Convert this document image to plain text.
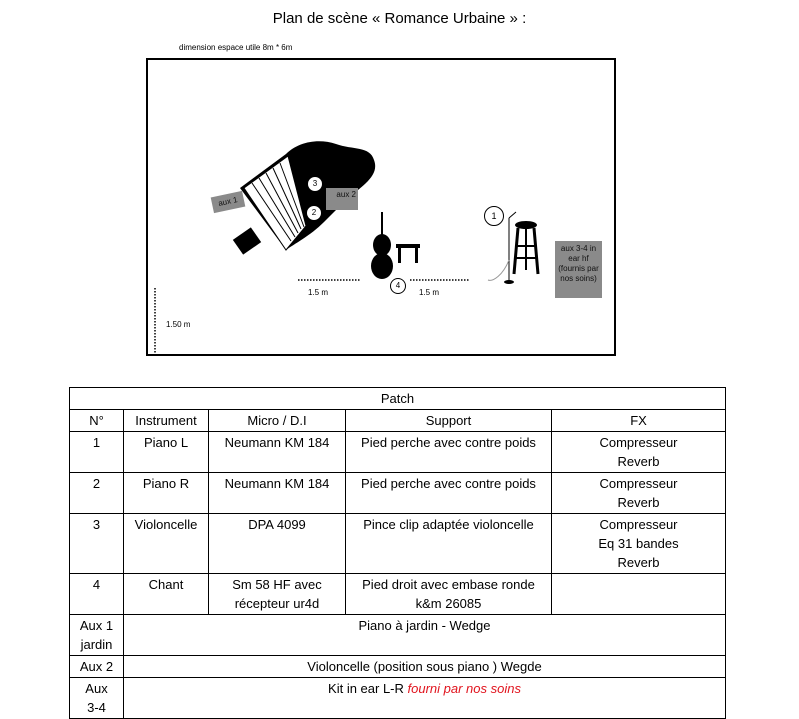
Plan de scène « Romance Urbaine » :
dimension espace utile 8m * 6m
aux 1
aux 2
aux 3-4 in ear hf (fournis par nos soins)
3
2	1
4
1.5 m	1.5 m
1.50 m
Patch				
N°	Instrument	Micro / D.I	Support	FX
1	Piano L	Neumann KM 184	Pied perche avec contre poids	Compresseur Reverb
2	Piano R	Neumann KM 184	Pied perche avec contre poids	Compresseur Reverb
3	Violoncelle	DPA 4099	Pince clip adaptée violoncelle	Compresseur Eq 31 bandes Reverb
4	Chant	Sm 58 HF avec récepteur ur4d	Pied droit avec embase ronde k&m 26085	
Aux 1 jardin	Piano à jardin - Wedge			
Aux 2	Violoncelle (position sous piano ) Wegde			
Aux 3-4	Kit in ear L-R fourni par nos soins			
